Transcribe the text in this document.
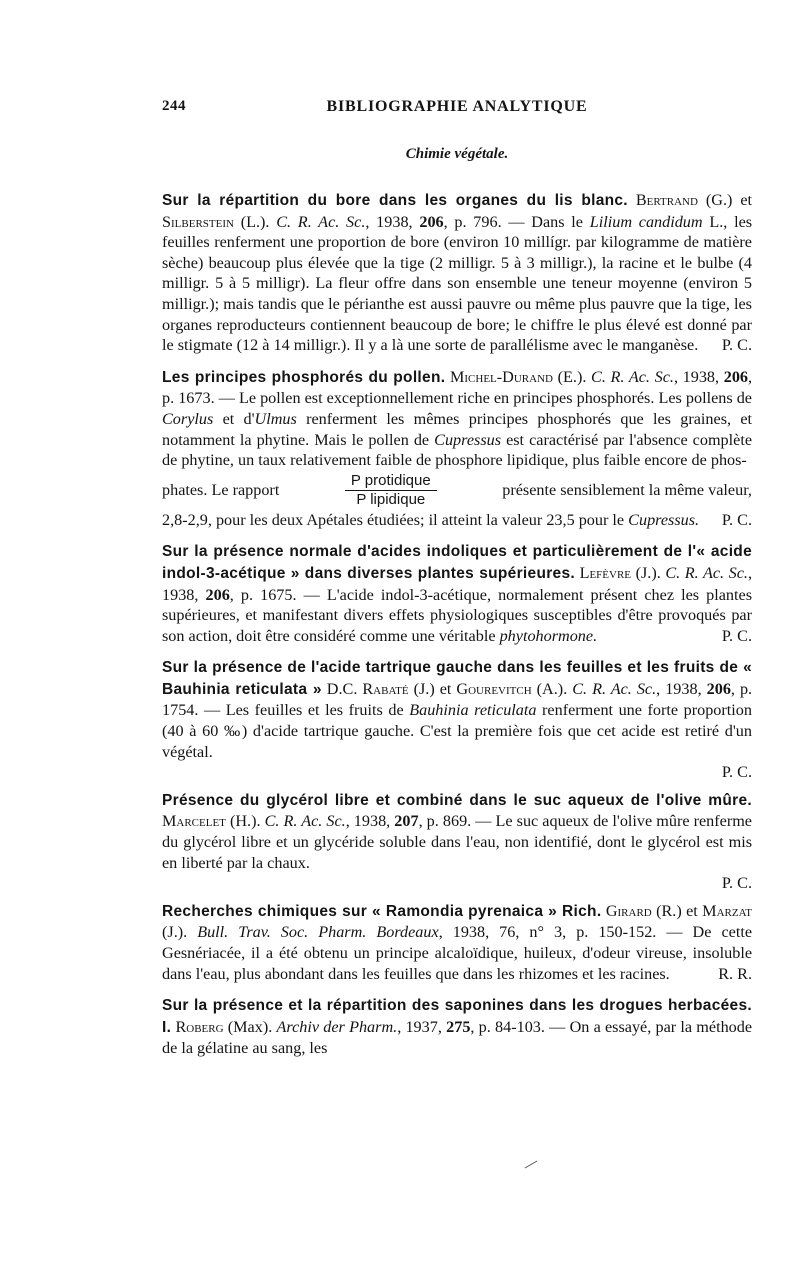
244	BIBLIOGRAPHIE ANALYTIQUE
Chimie végétale.

Sur la répartition du bore dans les organes du lis blanc. Bertrand (G.) et Silberstein (L.). C. R. Ac. Sc., 1938, 206, p. 796. — Dans le Lilium candidum L., les feuilles renferment une proportion de bore (environ 10 millígr. par kilogramme de matière sèche) beaucoup plus élevée que la tige (2 milligr. 5 à 3 milligr.), la racine et le bulbe (4 milligr. 5 à 5 milligr). La fleur offre dans son ensemble une teneur moyenne (environ 5 milligr.); mais tandis que le périanthe est aussi pauvre ou même plus pauvre que la tige, les organes reproducteurs contiennent beaucoup de bore; le chiffre le plus élevé est donné par le stigmate (12 à 14 milligr.). Il y a là une sorte de parallélisme avec le manganèse.	P. C.

Les principes phosphorés du pollen. Michel-Durand (E.). C. R. Ac. Sc., 1938, 206, p. 1673. — Le pollen est exceptionnellement riche en principes phosphorés. Les pollens de Corylus et d'Ulmus renferment les mêmes principes phosphorés que les graines, et notamment la phytine. Mais le pollen de Cupressus est caractérisé par l'absence complète de phytine, un taux relativement faible de phosphore lipidique, plus faible encore de phos-
phates. Le rapport	$\frac{\text{P protidique}}{\text{P lipidique}}$	présente sensiblement la même valeur,
2,8-2,9, pour les deux Apétales étudiées; il atteint la valeur 23,5 pour le Cupressus.	P. C.

Sur la présence normale d'acides indoliques et particulièrement de l'« acide indol-3-acétique » dans diverses plantes supérieures. Lefèvre (J.). C. R. Ac. Sc., 1938, 206, p. 1675. — L'acide indol-3-acétique, normalement présent chez les plantes supérieures, et manifestant divers effets physiologiques susceptibles d'être provoqués par son action, doit être considéré comme une véritable phytohormone.	P. C.

Sur la présence de l'acide tartrique gauche dans les feuilles et les fruits de « Bauhinia reticulata » D.C. Rabaté (J.) et Gourevitch (A.). C. R. Ac. Sc., 1938, 206, p. 1754. — Les feuilles et les fruits de Bauhinia reticulata renferment une forte proportion (40 à 60 ‰) d'acide tartrique gauche. C'est la première fois que cet acide est retiré d'un végétal.
P. C.

Présence du glycérol libre et combiné dans le suc aqueux de l'olive mûre. Marcelet (H.). C. R. Ac. Sc., 1938, 207, p. 869. — Le suc aqueux de l'olive mûre renferme du glycérol libre et un glycéride soluble dans l'eau, non identifié, dont le glycérol est mis en liberté par la chaux.
P. C.

Recherches chimiques sur « Ramondia pyrenaica » Rich. Girard (R.) et Marzat (J.). Bull. Trav. Soc. Pharm. Bordeaux, 1938, 76, n° 3, p. 150-152. — De cette Gesnériacée, il a été obtenu un principe alcaloïdique, huileux, d'odeur vireuse, insoluble dans l'eau, plus abondant dans les feuilles que dans les rhizomes et les racines.	R. R.

Sur la présence et la répartition des saponines dans les drogues herbacées. I. Roberg (Max). Archiv der Pharm., 1937, 275, p. 84-103. — On a essayé, par la méthode de la gélatine au sang, les
